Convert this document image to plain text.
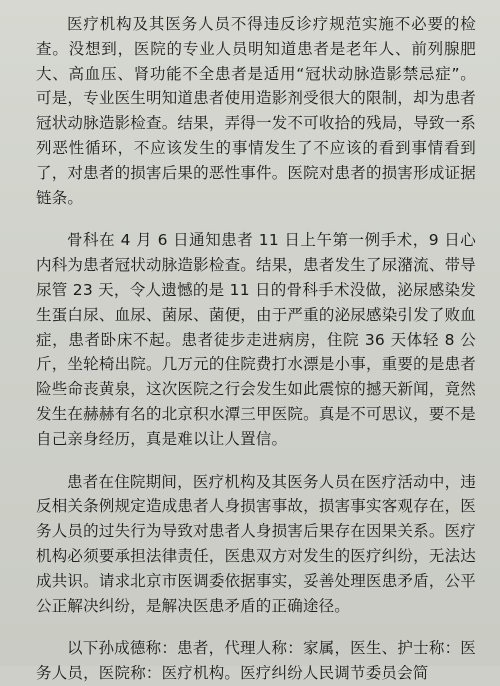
医疗机构及其医务人员不得违反诊疗规范实施不必要的检查。没想到，医院的专业人员明知道患者是老年人、前列腺肥大、高血压、肾功能不全患者是适用“冠状动脉造影禁忌症”。可是，专业医生明知道患者使用造影剂受很大的限制，却为患者冠状动脉造影检查。结果，弄得一发不可收拾的残局，导致一系列恶性循环，不应该发生的事情发生了不应该的看到事情看到了，对患者的损害后果的恶性事件。医院对患者的损害形成证据链条。

骨科在 4 月 6 日通知患者 11 日上午第一例手术，9 日心内科为患者冠状动脉造影检查。结果，患者发生了尿潴流、带导尿管 23 天，令人遗憾的是 11 日的骨科手术没做，泌尿感染发生蛋白尿、血尿、菌尿、菌便，由于严重的泌尿感染引发了败血症，患者卧床不起。患者徒步走进病房，住院 36 天体轻 8 公斤，坐轮椅出院。几万元的住院费打水漂是小事，重要的是患者险些命丧黄泉，这次医院之行会发生如此震惊的撼天新闻，竟然发生在赫赫有名的北京积水潭三甲医院。真是不可思议，要不是自己亲身经历，真是难以让人置信。

患者在住院期间，医疗机构及其医务人员在医疗活动中，违反相关条例规定造成患者人身损害事故，损害事实客观存在，医务人员的过失行为导致对患者人身损害后果存在因果关系。医疗机构必须要承担法律责任，医患双方对发生的医疗纠纷，无法达成共识。请求北京市医调委依据事实，妥善处理医患矛盾，公平公正解决纠纷，是解决医患矛盾的正确途径。

以下孙成德称：患者，代理人称：家属，医生、护士称：医务人员，医院称：医疗机构。医疗纠纷人民调节委员会简
